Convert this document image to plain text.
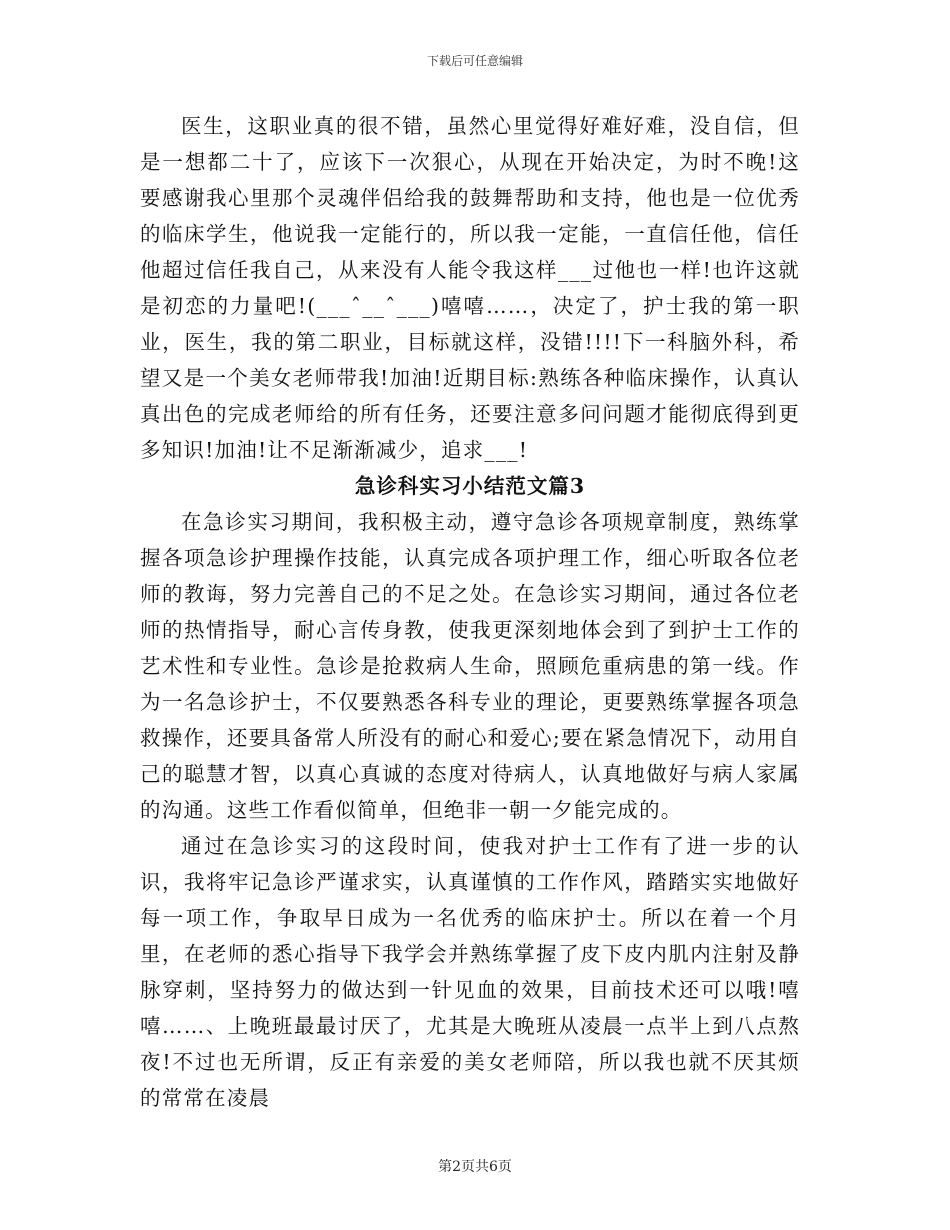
下载后可任意编辑

医生，这职业真的很不错，虽然心里觉得好难好难，没自信，但是一想都二十了，应该下一次狠心，从现在开始决定，为时不晚!这要感谢我心里那个灵魂伴侣给我的鼓舞帮助和支持，他也是一位优秀的临床学生，他说我一定能行的，所以我一定能，一直信任他，信任他超过信任我自己，从来没有人能令我这样___过他也一样!也许这就是初恋的力量吧!(___ˆ__ˆ___)嘻嘻……，决定了，护士我的第一职业，医生，我的第二职业，目标就这样，没错!!!!下一科脑外科，希望又是一个美女老师带我!加油!近期目标:熟练各种临床操作，认真认真出色的完成老师给的所有任务，还要注意多问问题才能彻底得到更多知识!加油!让不足渐渐减少，追求___!

急诊科实习小结范文篇3

在急诊实习期间，我积极主动，遵守急诊各项规章制度，熟练掌握各项急诊护理操作技能，认真完成各项护理工作，细心听取各位老师的教诲，努力完善自己的不足之处。在急诊实习期间，通过各位老师的热情指导，耐心言传身教，使我更深刻地体会到了到护士工作的艺术性和专业性。急诊是抢救病人生命，照顾危重病患的第一线。作为一名急诊护士，不仅要熟悉各科专业的理论，更要熟练掌握各项急救操作，还要具备常人所没有的耐心和爱心;要在紧急情况下，动用自己的聪慧才智，以真心真诚的态度对待病人，认真地做好与病人家属的沟通。这些工作看似简单，但绝非一朝一夕能完成的。

通过在急诊实习的这段时间，使我对护士工作有了进一步的认识，我将牢记急诊严谨求实，认真谨慎的工作作风，踏踏实实地做好每一项工作，争取早日成为一名优秀的临床护士。所以在着一个月里，在老师的悉心指导下我学会并熟练掌握了皮下皮内肌内注射及静脉穿刺，坚持努力的做达到一针见血的效果，目前技术还可以哦!嘻嘻……、上晚班最最讨厌了，尤其是大晚班从凌晨一点半上到八点熬夜!不过也无所谓，反正有亲爱的美女老师陪，所以我也就不厌其烦的常常在凌晨

第2页共6页
